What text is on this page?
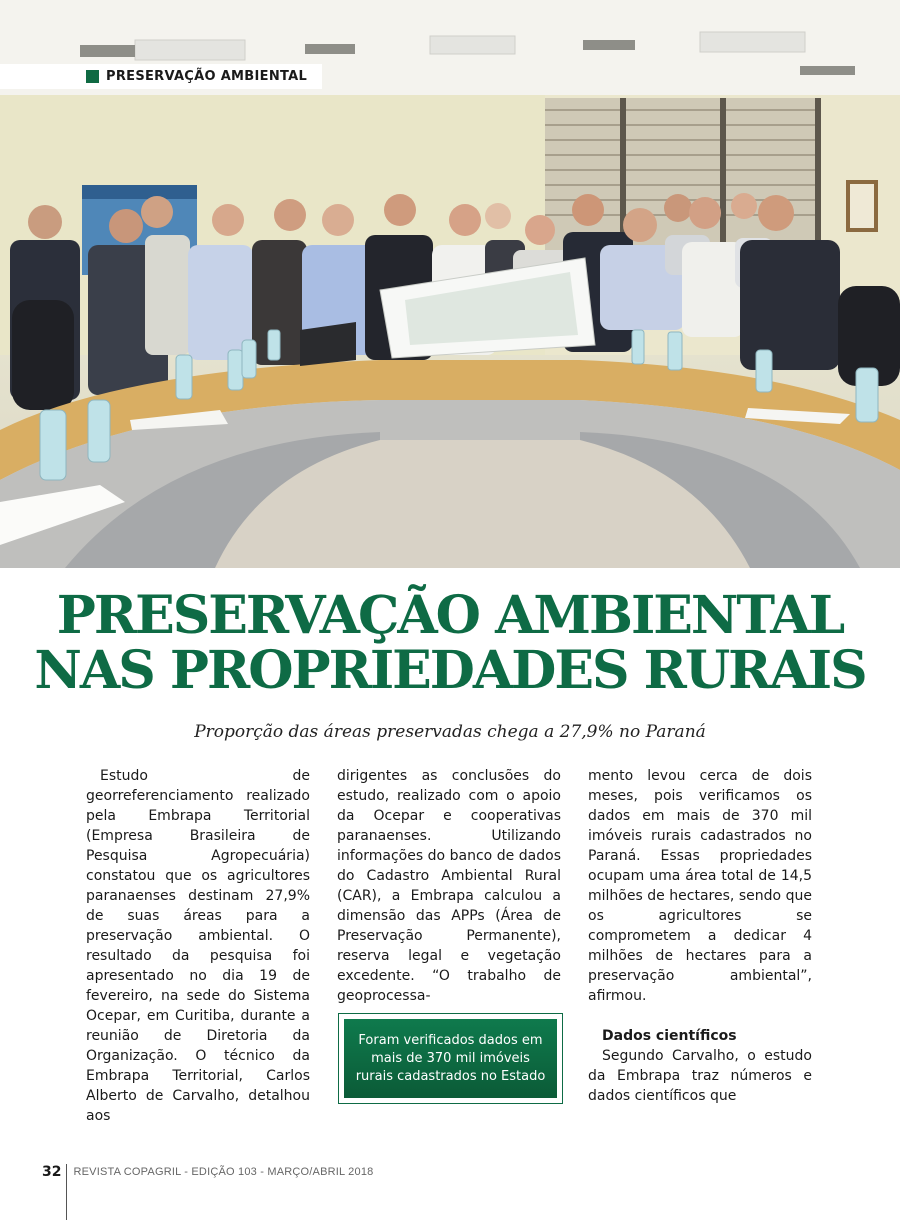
PRESERVAÇÃO AMBIENTAL
PRESERVAÇÃO AMBIENTAL
NAS PROPRIEDADES RURAIS
Proporção das áreas preservadas chega a 27,9% no Paraná

Estudo de georreferenciamento realizado pela Embrapa Territorial (Empresa Brasileira de Pesquisa Agropecuária) constatou que os agricultores paranaenses destinam 27,9% de suas áreas para a preservação ambiental. O resultado da pesquisa foi apresentado no dia 19 de fevereiro, na sede do Sistema Ocepar, em Curitiba, durante a reunião de Diretoria da Organização. O técnico da Embrapa Territorial, Carlos Alberto de Carvalho, detalhou aos

dirigentes as conclusões do estudo, realizado com o apoio da Ocepar e cooperativas paranaenses. Utilizando informações do banco de dados do Cadastro Ambiental Rural (CAR), a Embrapa calculou a dimensão das APPs (Área de Preservação Permanente), reserva legal e vegetação excedente. “O trabalho de geoprocessa-

mento levou cerca de dois meses, pois verificamos os dados em mais de 370 mil imóveis rurais cadastrados no Paraná. Essas propriedades ocupam uma área total de 14,5 milhões de hectares, sendo que os agricultores se comprometem a dedicar 4 milhões de hectares para a preservação ambiental”, afirmou.

Dados científicos

Segundo Carvalho, o estudo da Embrapa traz números e dados científicos que

Foram verificados dados em mais de 370 mil imóveis rurais cadastrados no Estado
32 REVISTA COPAGRIL - EDIÇÃO 103 - MARÇO/ABRIL 2018
